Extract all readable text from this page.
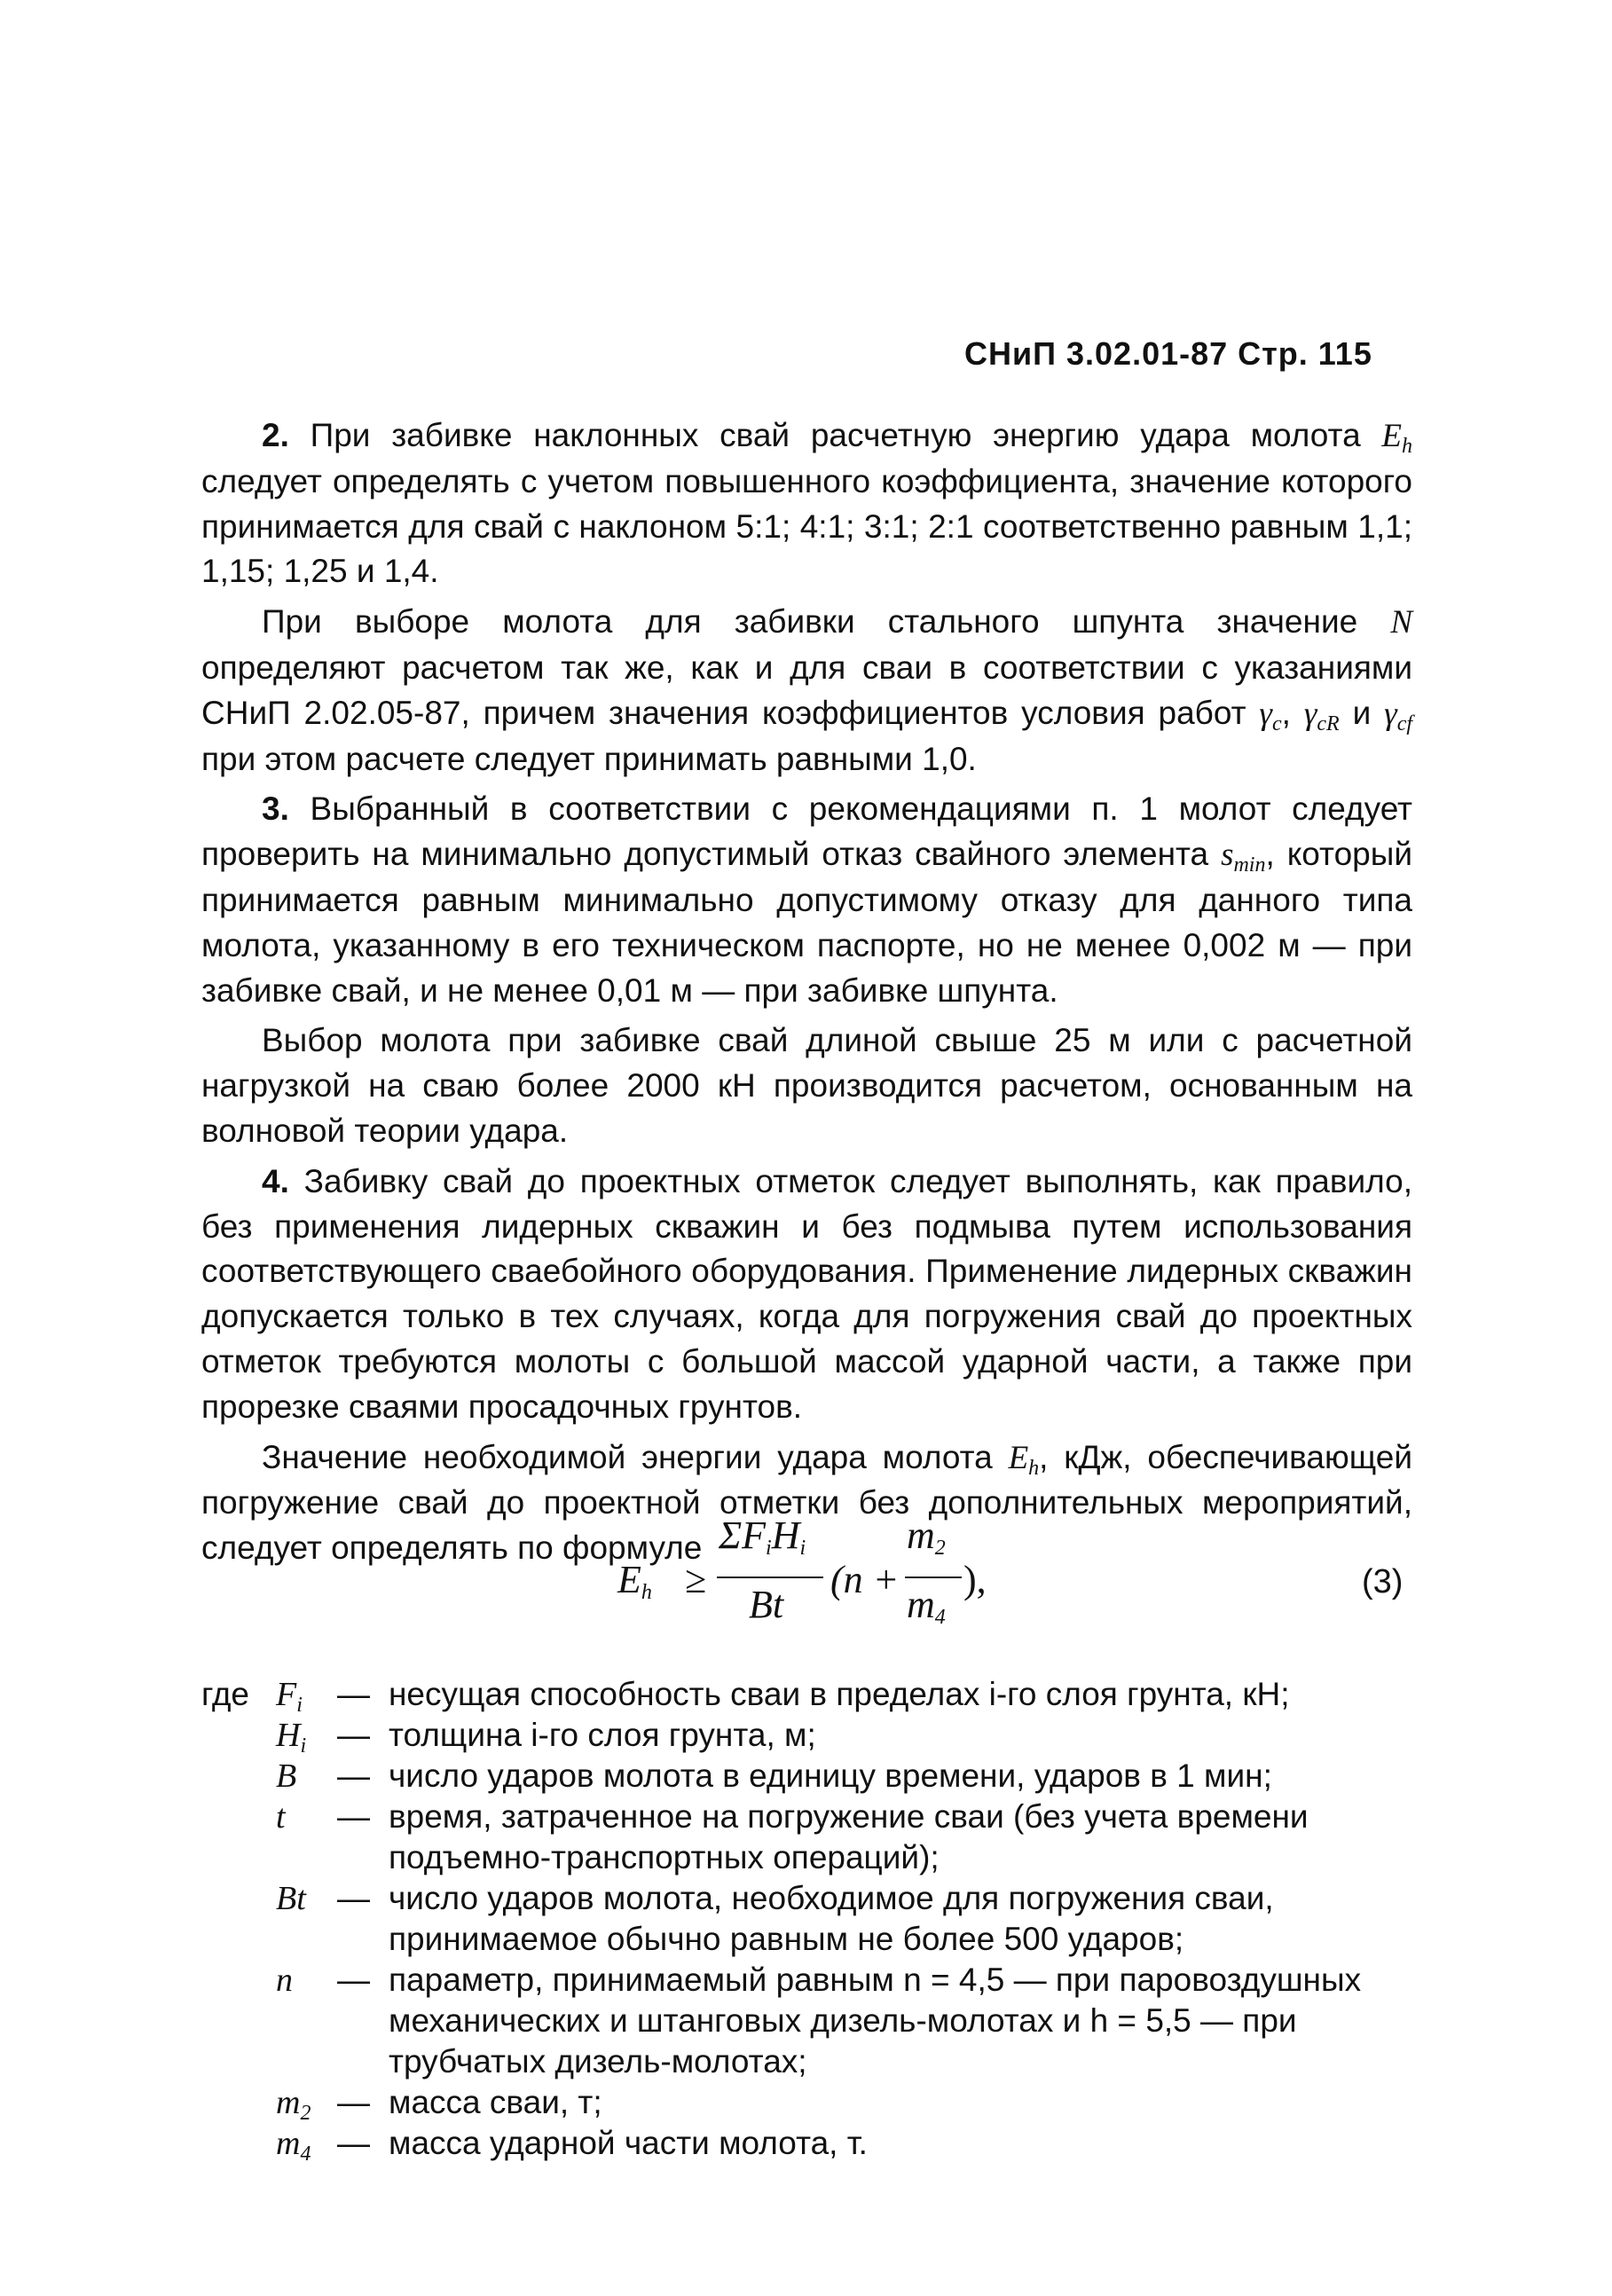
СНиП 3.02.01-87 Стр. 115

2. При забивке наклонных свай расчетную энергию удара молота $E_h$ следует определять с учетом повышенного коэффициента, значение которого принимается для свай с наклоном 5:1; 4:1; 3:1; 2:1 соответственно равным 1,1; 1,15; 1,25 и 1,4.

При выборе молота для забивки стального шпунта значение N определяют расчетом так же, как и для сваи в соответствии с указаниями СНиП 2.02.05-87, причем значения коэффициентов условия работ $\gamma_c$, $\gamma_{cR}$ и $\gamma_{cf}$ при этом расчете следует принимать равными 1,0.

3. Выбранный в соответствии с рекомендациями п. 1 молот следует проверить на минимально допустимый отказ свайного элемента $s_{min}$, который принимается равным минимально допустимому отказу для данного типа молота, указанному в его техническом паспорте, но не менее 0,002 м — при забивке свай, и не менее 0,01 м — при забивке шпунта.

Выбор молота при забивке свай длиной свыше 25 м или с расчетной нагрузкой на сваю более 2000 кН производится расчетом, основанным на волновой теории удара.

4. Забивку свай до проектных отметок следует выполнять, как правило, без применения лидерных скважин и без подмыва путем использования соответствующего сваебойного оборудования. Применение лидерных скважин допускается только в тех случаях, когда для погружения свай до проектных отметок требуются молоты с большой массой ударной части, а также при прорезке сваями просадочных грунтов.

Значение необходимой энергии удара молота $E_h$, кДж, обеспечивающей погружение свай до проектной отметки без дополнительных мероприятий, следует определять по формуле

$E_h$ ≥
$\Sigma F_iH_i$
Bt
(n +
$m_2$
$m_4$
),	(3)
где $F_i$	— несущая способность сваи в пределах i-го слоя грунта, кН;
$H_i$ — толщина i-го слоя грунта, м;
B	— число ударов молота в единицу времени, ударов в 1 мин;
t	— время, затраченное на погружение сваи (без учета времени подъемно-транспортных операций);
Bt — число ударов молота, необходимое для погружения сваи, принимаемое обычно равным не более 500 ударов;
n	— параметр, принимаемый равным n = 4,5 — при паровоздушных механических и штанговых дизель-молотах и h = 5,5 — при трубчатых дизель-молотах;
$m_2$ — масса сваи, т;
$m_4$ — масса ударной части молота, т.
